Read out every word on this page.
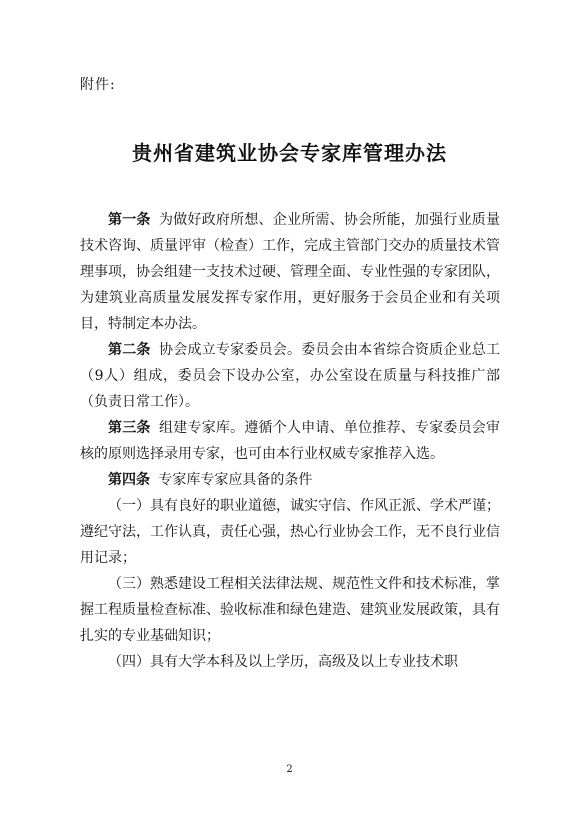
附件:
贵州省建筑业协会专家库管理办法

第一条 为做好政府所想、企业所需、协会所能，加强行业质量技术咨询、质量评审（检查）工作，完成主管部门交办的质量技术管理事项，协会组建一支技术过硬、管理全面、专业性强的专家团队，为建筑业高质量发展发挥专家作用，更好服务于会员企业和有关项目，特制定本办法。

第二条 协会成立专家委员会。委员会由本省综合资质企业总工（9人）组成，委员会下设办公室，办公室设在质量与科技推广部（负责日常工作）。

第三条 组建专家库。遵循个人申请、单位推荐、专家委员会审核的原则选择录用专家，也可由本行业权威专家推荐入选。

第四条 专家库专家应具备的条件

（一）具有良好的职业道德，诚实守信、作风正派、学术严谨；遵纪守法，工作认真，责任心强，热心行业协会工作，无不良行业信用记录；

（三）熟悉建设工程相关法律法规、规范性文件和技术标准，掌握工程质量检查标准、验收标准和绿色建造、建筑业发展政策，具有扎实的专业基础知识；

（四）具有大学本科及以上学历，高级及以上专业技术职

2
